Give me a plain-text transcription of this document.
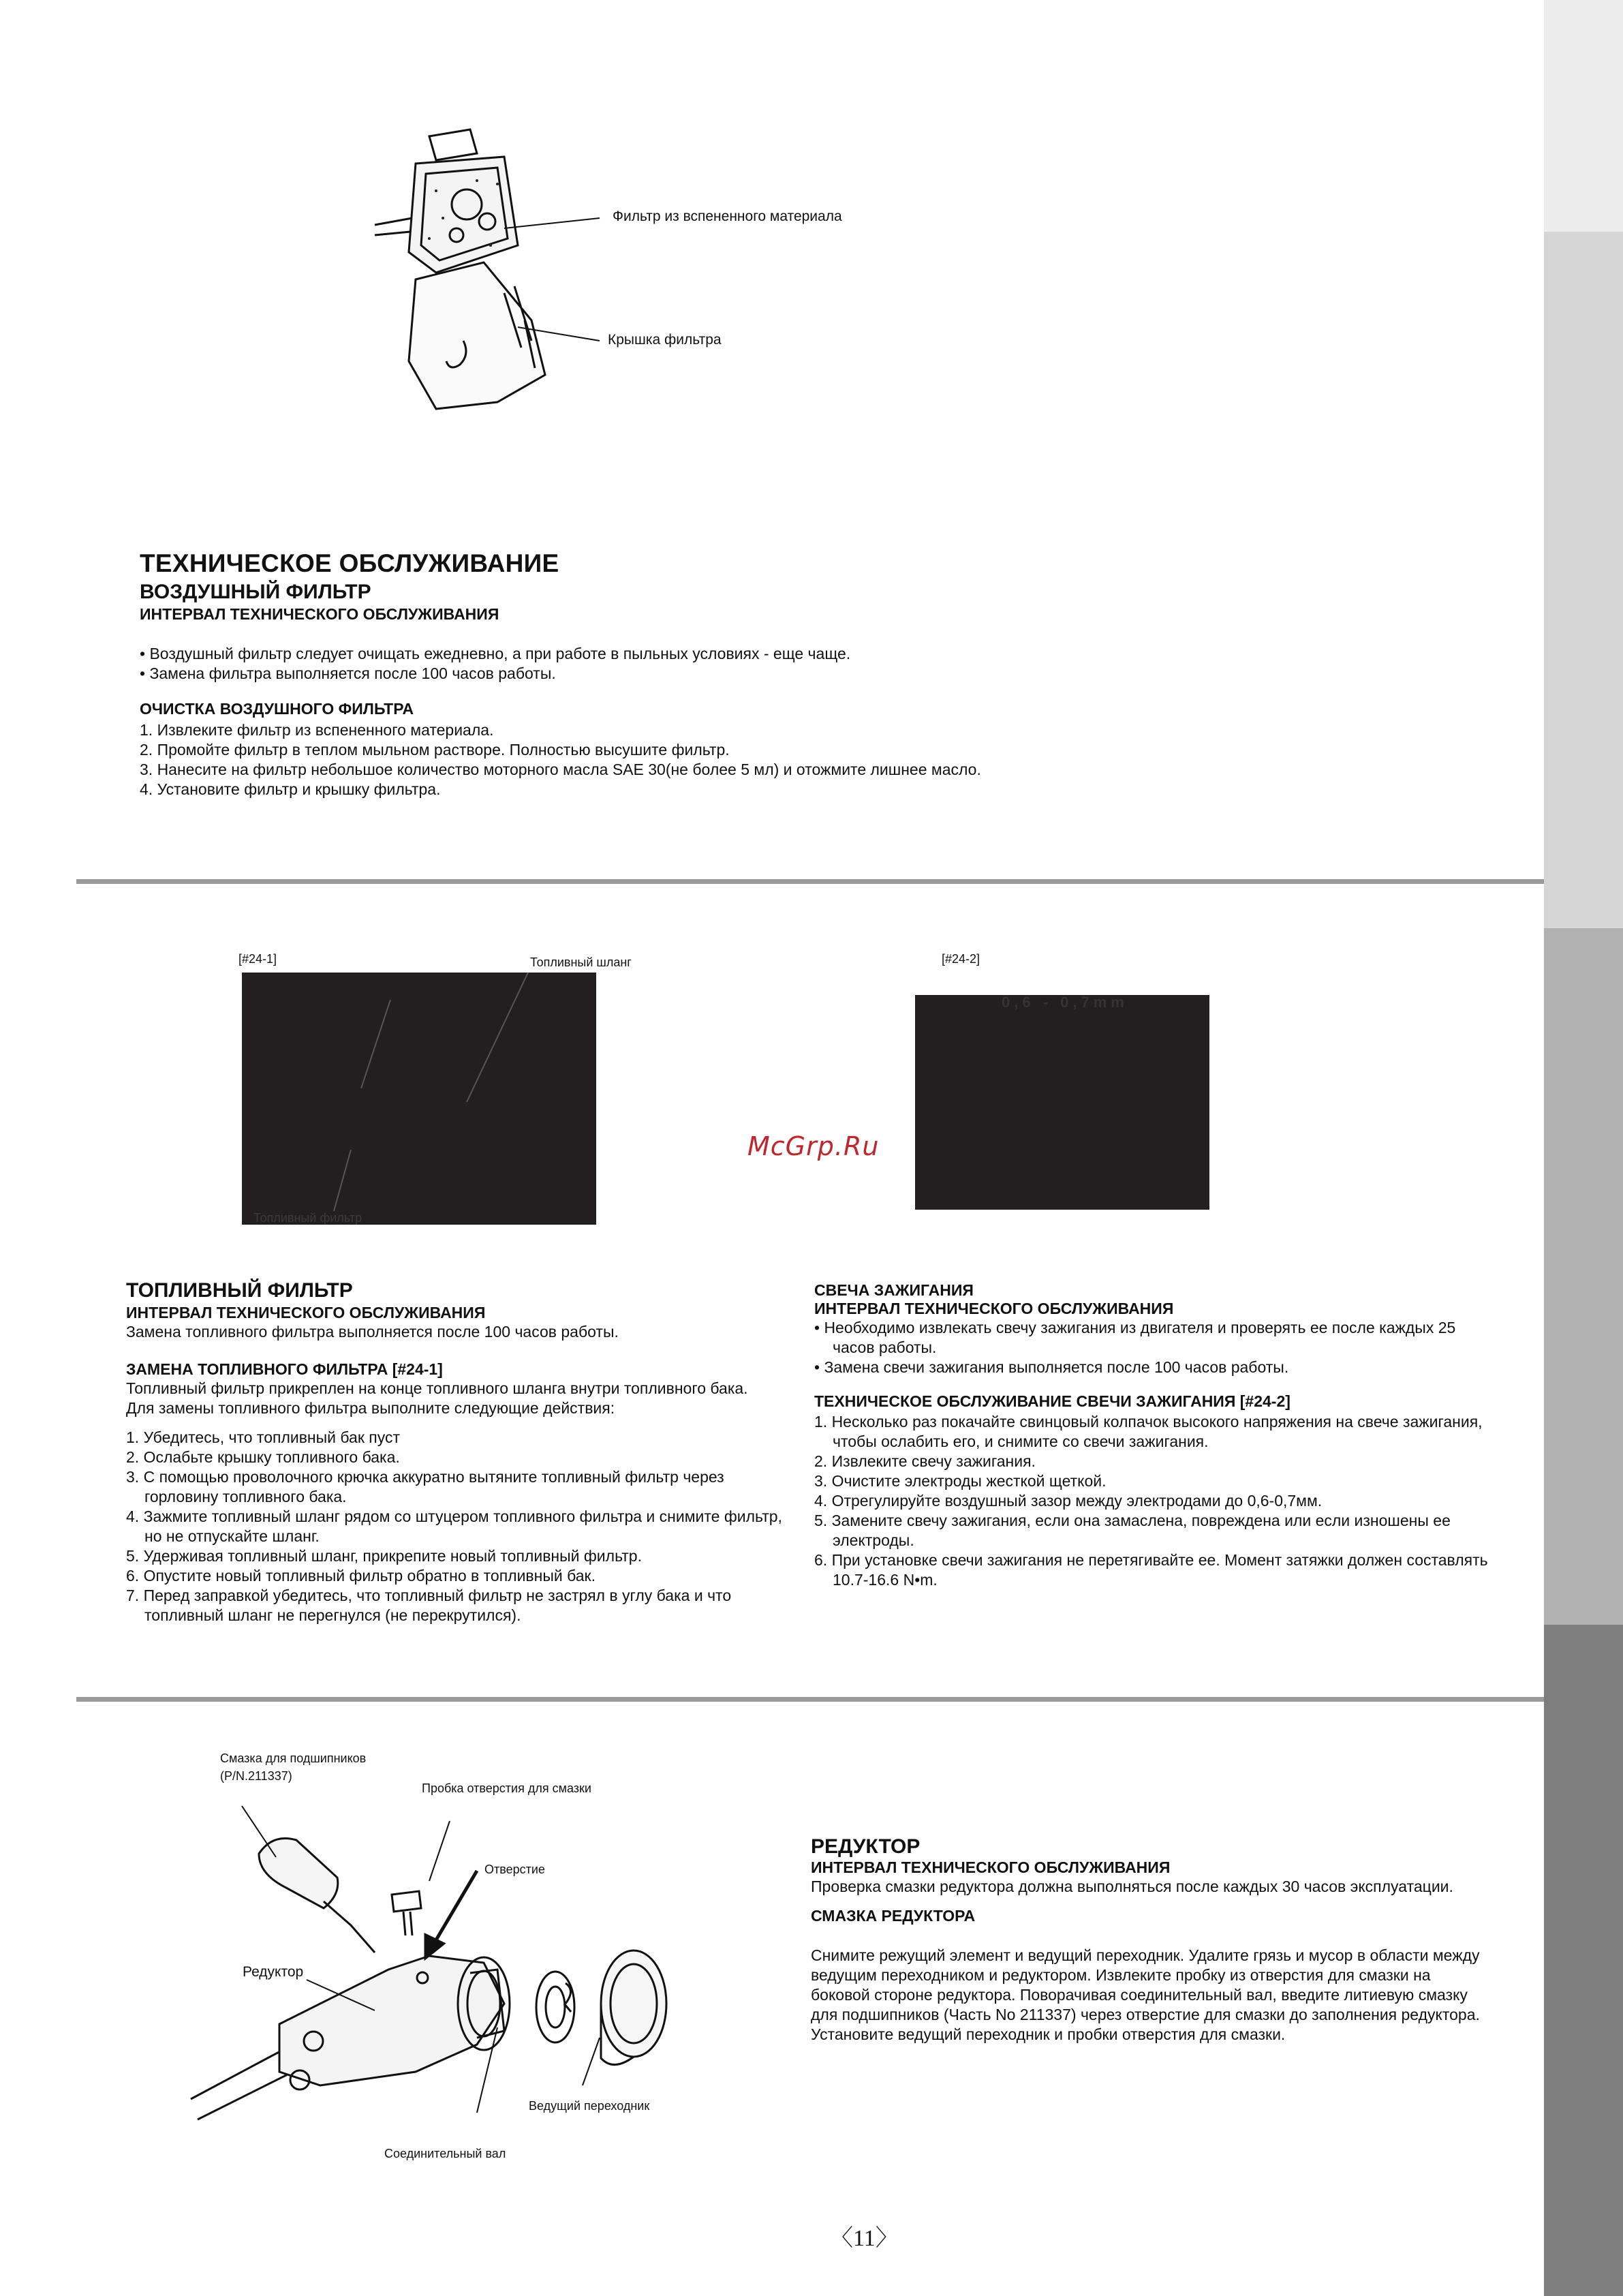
Фильтр из вспененного материала
Крышка фильтра
ТЕХНИЧЕСКОЕ ОБСЛУЖИВАНИЕ
ВОЗДУШНЫЙ ФИЛЬТР
ИНТЕРВАЛ ТЕХНИЧЕСКОГО ОБСЛУЖИВАНИЯ

• Воздушный фильтр следует очищать ежедневно, а при работе в пыльных условиях - еще чаще.

• Замена фильтра выполняется после 100 часов работы.

ОЧИСТКА ВОЗДУШНОГО ФИЛЬТРА
1. Извлеките фильтр из вспененного материала.
2. Промойте фильтр в теплом мыльном растворе. Полностью высушите фильтр.
3. Нанесите на фильтр небольшое количество моторного масла SAE 30(не более 5 мл) и отожмите лишнее масло.
4. Установите фильтр и крышку фильтра.
[#24-1]	Топливный шланг
Топливный фильтр
[#24-2]
0,6 - 0,7mm
McGrp.Ru
ТОПЛИВНЫЙ ФИЛЬТР
ИНТЕРВАЛ ТЕХНИЧЕСКОГО ОБСЛУЖИВАНИЯ

Замена топливного фильтра выполняется после 100 часов работы.

ЗАМЕНА ТОПЛИВНОГО ФИЛЬТРА [#24-1]

Топливный фильтр прикреплен на конце топливного шланга внутри топливного бака.

Для замены топливного фильтра выполните следующие действия:

1. Убедитесь, что топливный бак пуст
2. Ослабьте крышку топливного бака.
3. С помощью проволочного крючка аккуратно вытяните топливный фильтр через горловину топливного бака.
4. Зажмите топливный шланг рядом со штуцером топливного фильтра и снимите фильтр, но не отпускайте шланг.
5. Удерживая топливный шланг, прикрепите новый топливный фильтр.
6. Опустите новый топливный фильтр обратно в топливный бак.
7. Перед заправкой убедитесь, что топливный фильтр не застрял в углу бака и что топливный шланг не перегнулся (не перекрутился).
СВЕЧА ЗАЖИГАНИЯ
ИНТЕРВАЛ ТЕХНИЧЕСКОГО ОБСЛУЖИВАНИЯ
• Необходимо извлекать свечу зажигания из двигателя и проверять ее после каждых 25 часов работы.
• Замена свечи зажигания выполняется после 100 часов работы.
ТЕХНИЧЕСКОЕ ОБСЛУЖИВАНИЕ СВЕЧИ ЗАЖИГАНИЯ [#24-2]
1. Несколько раз покачайте свинцовый колпачок высокого напряжения на свече зажигания, чтобы ослабить его, и снимите со свечи зажигания.
2. Извлеките свечу зажигания.
3. Очистите электроды жесткой щеткой.
4. Отрегулируйте воздушный зазор между электродами до 0,6-0,7мм.
5. Замените свечу зажигания, если она замаслена, повреждена или если изношены ее электроды.
6. При установке свечи зажигания не перетягивайте ее. Момент затяжки должен составлять 10.7-16.6 N•m.
Смазка для подшипников
(P/N.211337)
Пробка отверстия для смазки
Отверстие
Редуктор
Ведущий переходник
Соединительный вал
РЕДУКТОР
ИНТЕРВАЛ ТЕХНИЧЕСКОГО ОБСЛУЖИВАНИЯ

Проверка смазки редуктора должна выполняться после каждых 30 часов эксплуатации.

СМАЗКА РЕДУКТОРА

Снимите режущий элемент и ведущий переходник. Удалите грязь и мусор в области между ведущим переходником и редуктором. Извлеките пробку из отверстия для смазки на боковой стороне редуктора. Поворачивая соединительный вал, введите литиевую смазку для подшипников (Часть No 211337) через отверстие для смазки до заполнения редуктора. Установите ведущий переходник и пробки отверстия для смазки.

〈11〉
